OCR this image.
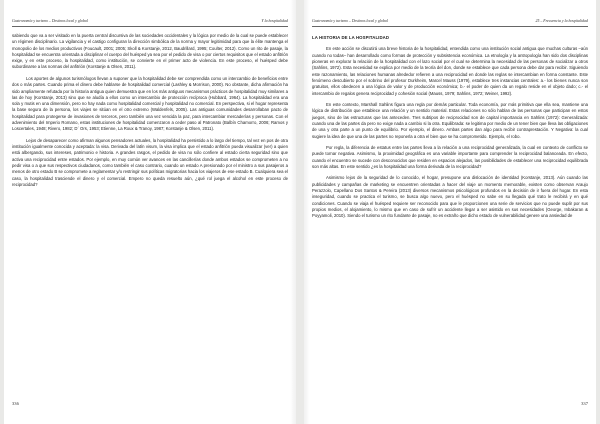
Gastronomía y turismo – Destinos local y global	Y la hospitalidad

sabiendo que va a ser visitado en la puerta central discursiva de las sociedades occidentales y la lógica por medio de la cual se puede establecer un régimen disciplinario. La vigilancia y el castigo configuran la dirección simbólica de la norma y mayor legitimidad para que la élite mantenga el monopolio de los medios productivos (Foucault, 2001; 2005; Skoll & Korstanje, 2012, Baudrillard, 1995; Coulter, 2012). Como un rito de pasaje, la hospitalidad se encuentra orientada a disciplinar el cuerpo del huésped ya sea por el pedido de visa o por ciertos requisitos que el estado anfitrión exige, y en este proceso, la hospitalidad, como institución, se convierte en el primer acto de violencia. En este proceso, el huésped debe subordinarse a las normas del anfitrión (Korstanje & Olsen, 2011).

Los aportes de algunos turismólogos llevan a suponer que la hospitalidad debe ser comprendida como un intercambio de beneficios entre dos o más partes. Cuando prima el dinero debe hablarse de hospitalidad comercial (Lashley & Morrison, 2000). No obstante, dicha afirmación ha sido ampliamente refutada por la historia antigua quien demuestra que en los más antiguos mecanismos prácticos de hospitalidad muy similares a las de hoy (Korstanje, 2013) sino que se aludía a ellos como un intercambio de protección recíproca (Hubbard, 1964). La hospitalidad era una sola y mutis en una dimensión, pero no hay nada como hospitalidad comercial y hospitalidad no comercial. En perspectiva, si el hogar representa la base segura de la persona, los viajes se sitúan en el otro extremo (Waldenfels, 2005). Las antiguas comunidades desarrollaban pacto de hospitalidad para protegerse de invasiones de terceros, pero también una vez vencida la paz, para intercambiar mercaderías y personas. Con el advenimiento del Imperio Romano, estas instituciones de hospitalidad comenzaron a ceder paso al Patronato (Balbín Chamorro, 2006; Ramos y Loscertales, 1948; Rivero, 1982; D´ Ors, 1953; Etienne, La Roux & Tranoy, 1987; Korstanje & Olsen, 2011).

Lejos de desaparecer como afirman algunos pensadores actuales, la hospitalidad ha persistido a lo largo del tiempo, tal vez en pos de otra institución igualmente conocida y aceptada: la visa. Derivada del latín visum, la visa implica que el estado anfitrión pueda visualizar (ver) a quien está albergando, sus intereses, patrimonio e historia. A grandes rasgos, el pedido de visa no sólo confiere al estado cierta seguridad sino que activa una reciprocidad entre estados. Por ejemplo, en muy común ver avances en las cancillerías donde ambos estados se comprometen a no pedir visa o a que sus respectivos ciudadanos, como también el caso contrario, cuando un estado A presionado por el ministro a sus pasajeros a menos de otro estado B se compromete a reglamentar y/o restringir sus políticas migratorias hacia los viajeros de ese estado B. Cualquiera sea el caso, la hospitalidad trasciende el dinero y el comercial. Empero no queda resuelto aún, ¿qué rol juega el alcohol en este proceso de reciprocidad?

336
Gastronomía y turismo – Destinos local y global	25 – Frecuencia y la hospitalidad

LA HISTORIA DE LA HOSPITALIDAD

En este acción se discutirá una breve historia de la hospitalidad, entendida como una institución social antigua que muchas culturas –aún cuando no todas– han desarrollado como formas de protección y subsistencia económica. La etnología y la antropología han sido dos disciplinas pioneras en explorar la relación de la hospitalidad con el lazo social por el cual se determina la necesidad de las personas de socializar a otros (Sahlins, 1972). Esta necesidad se explica por medio de la teoría del don, donde se establece que cada persona debe dar para recibir. Siguiendo este razonamiento, las relaciones humanas alrededor refieren a una reciprocidad en donde las reglas se intercambian en forma constante. Este fenómeno descubierto por el sobrino del profesor Durkheim, Marcel Mauss (1979), establece tres instancias centrales: a.- los bienes nunca son gratuitos, ellos obedecen a una lógica de valor y de producción económica; b.- el poder de quien da un regalo reside en el objeto dado; c.- el intercambio de regalos genera reciprocidad y cohesión social (Mauss, 1979; Sahlins, 1972; Weiner, 1992).

En este contexto, Marshall Sahlins figura una regla por demás particular. Toda economía, por más primitiva que ella sea, mantiene una lógica de distribución que establece una relación y un sentido material. Estas relaciones no sólo hablan de las personas que participan en estos juegos, sino de las estructuras que las anteceden. Tres subtipos de reciprocidad son de capital importancia en Sahlins (1972): Generalizada: cuando una de las partes da pero no exige nada a cambio si la otra. Equilibrada: se legitima por medio de un tener bien que lleva las obligaciones de una y otra parte a un punto de equilibrio. Por ejemplo, el dinero. Ambas partes dan algo para recibir contraprestación. Y Negativa: la cual sugiere la idea de que una de las partes no reponerla a otra el bien que se ha comprometido. Ejemplo, el robo.

Por regla, la diferencia de estatus entre las partes lleva a la relación a una reciprocidad generalizada, la cual en contexto de conflicto se puede tornar negativa. Asimismo, la proximidad geográfica es una variable importante para comprender la reciprocidad balanceada. En efecto, cuando el encuentro se sucede con desconocidos que residen en espacios alejados, las posibilidades de establecer una reciprocidad equilibrada son más altas. En este sentido ¿es la hospitalidad una forma derivada de la reciprocidad?

Asimismo lejos de la seguridad de lo conocido, el hogar, presupone una dislocación de identidad (Korstanje, 2013). Aún cuando las publicidades y campañas de marketing se encuentren orientadas a hacer del viaje un momento memorable, existen como observan Araujo Perazzolo, Capellano Dos Santos & Pereira (2013) diversos mecanismos psicológicos profundos en la decisión de ir fuera del hogar. En esta inseguridad, cuando se practica el turismo, se busca algo nuevo, pero el huésped no sabe en su llegada qué trato le recibirá y en qué condiciones. Cuando se viaja el huésped requiere ser reconocido para que le proporcionen una serie de servicios que no puede suplir por sus propios medios, el alojamiento, lo mismo que en caso de sufrir un accidente llegar a ser asistido en sus necesidades (George, Inbakaran & Poyyamoli, 2010). Siendo el turismo un rito fundante de pasaje, no es extraño que dicho estado de vulnerabilidad genere una ansiedad de

337
